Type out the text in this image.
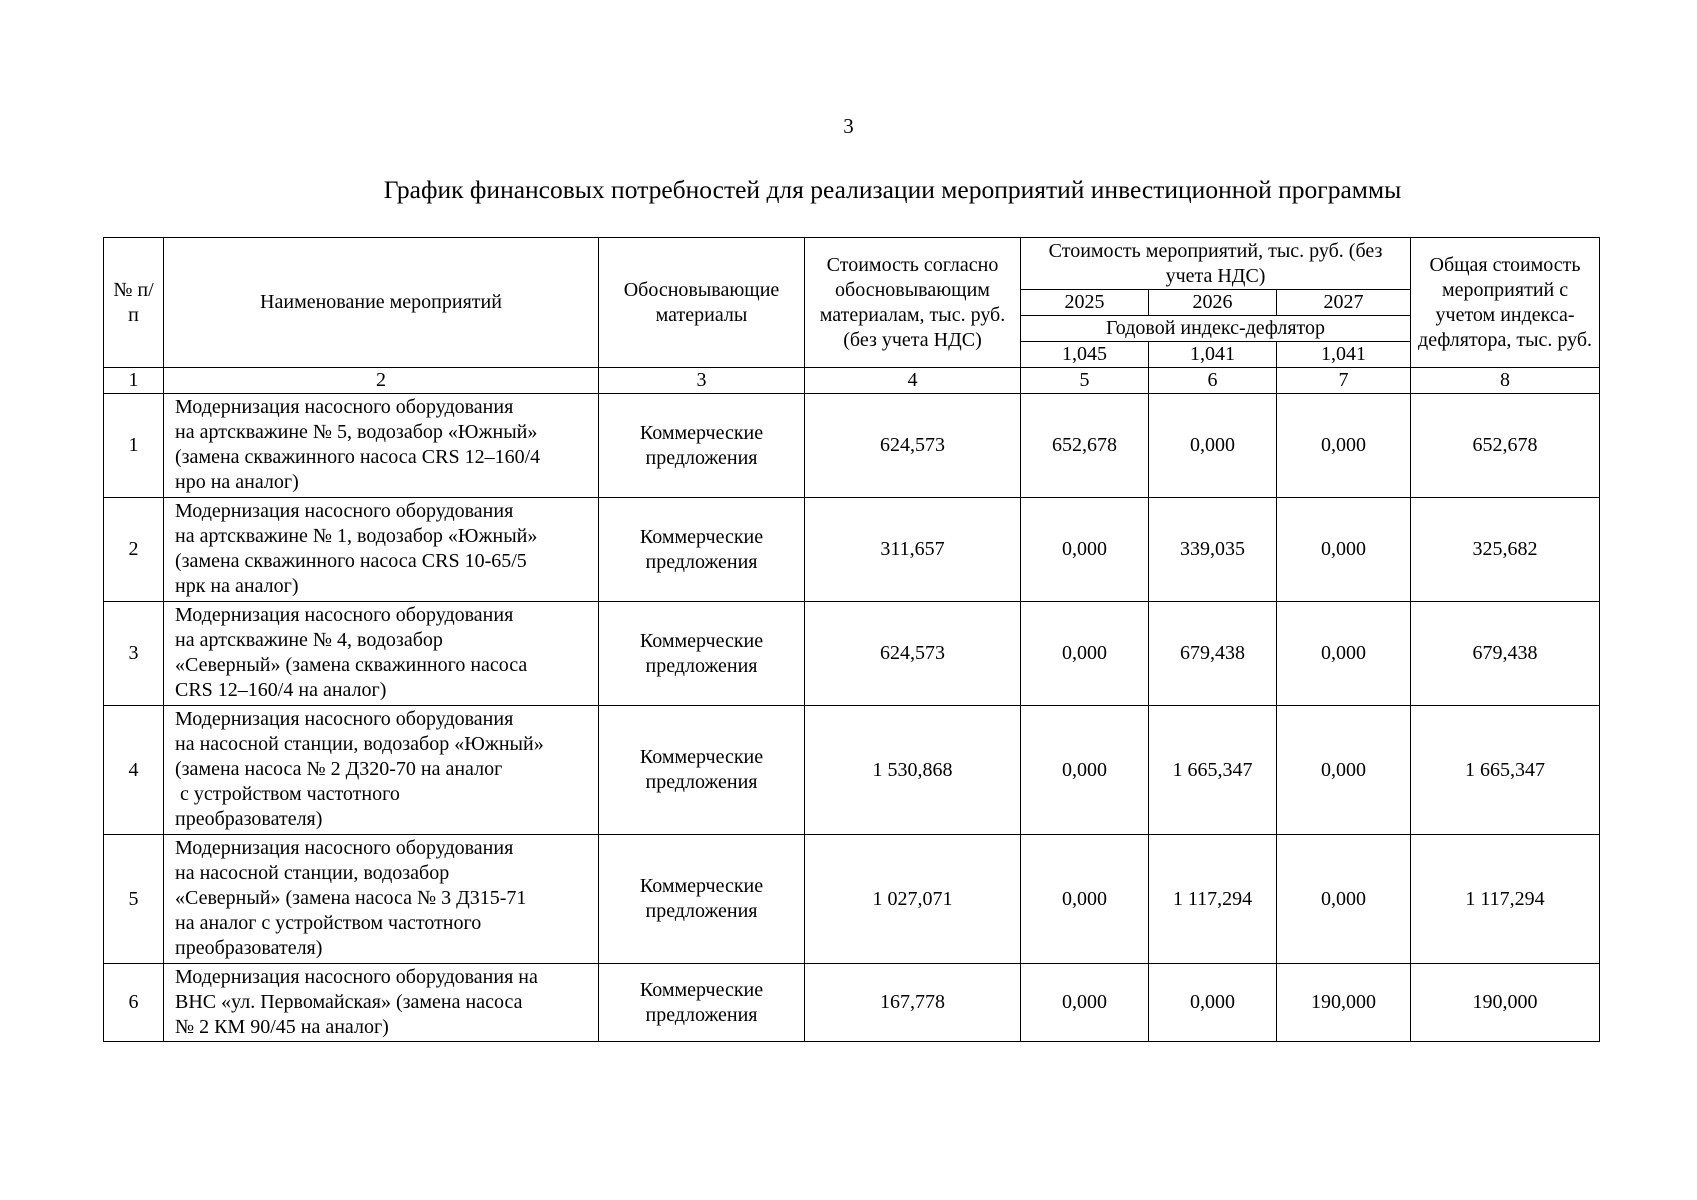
3
График финансовых потребностей для реализации мероприятий инвестиционной программы
№ п/п	Наименование мероприятий	Обосновывающие материалы	Стоимость согласно обосновывающим материалам, тыс. руб. (без учета НДС)	Стоимость мероприятий, тыс. руб. (без учета НДС)			Общая стоимость мероприятий с учетом индекса-дефлятора, тыс. руб.
				2025	2026	2027	
				Годовой индекс-дефлятор			
				1,045	1,041	1,041	
1	2	3	4	5	6	7	8
1	Модернизация насосного оборудования
на артскважине № 5, водозабор «Южный»
(замена скважинного насоса CRS 12–160/4
нро на аналог)	Коммерческие предложения	624,573	652,678	0,000	0,000	652,678
2	Модернизация насосного оборудования
на артскважине № 1, водозабор «Южный»
(замена скважинного насоса CRS 10-65/5
нрк на аналог)	Коммерческие предложения	311,657	0,000	339,035	0,000	325,682
3	Модернизация насосного оборудования
на артскважине № 4, водозабор
«Северный» (замена скважинного насоса
CRS 12–160/4 на аналог)	Коммерческие предложения	624,573	0,000	679,438	0,000	679,438
4	Модернизация насосного оборудования
на насосной станции, водозабор «Южный»
(замена насоса № 2 Д320-70 на аналог
с устройством частотного
преобразователя)	Коммерческие предложения	1 530,868	0,000	1 665,347	0,000	1 665,347
5	Модернизация насосного оборудования
на насосной станции, водозабор
«Северный» (замена насоса № 3 Д315-71
на аналог с устройством частотного
преобразователя)	Коммерческие предложения	1 027,071	0,000	1 117,294	0,000	1 117,294
6	Модернизация насосного оборудования на
ВНС «ул. Первомайская» (замена насоса
№ 2 КМ 90/45 на аналог)	Коммерческие предложения	167,778	0,000	0,000	190,000	190,000
